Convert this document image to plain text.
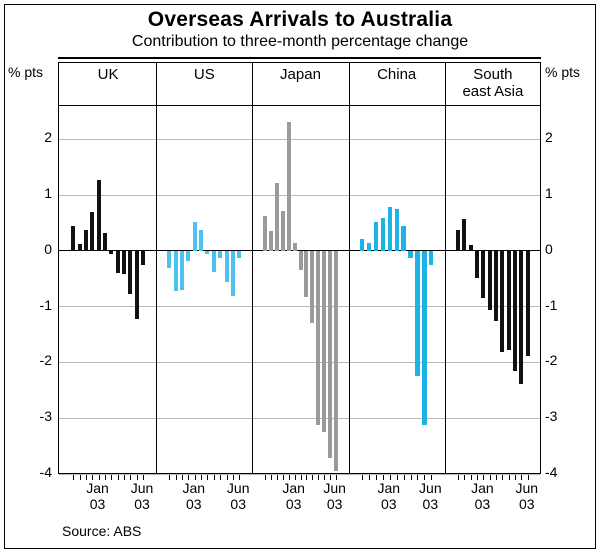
Overseas Arrivals to Australia
Contribution to three-month percentage change
% pts	% pts
UK	US	Japan	China	South
east Asia
Source: ABS
2	2
1	1
0	0
-1	-1
-2	-2
-3	-3
-4	-4
Jan
03
Jun
03
Jan
03
Jun
03
Jan
03
Jun
03
Jan
03
Jun
03
Jan
03
Jun
03
